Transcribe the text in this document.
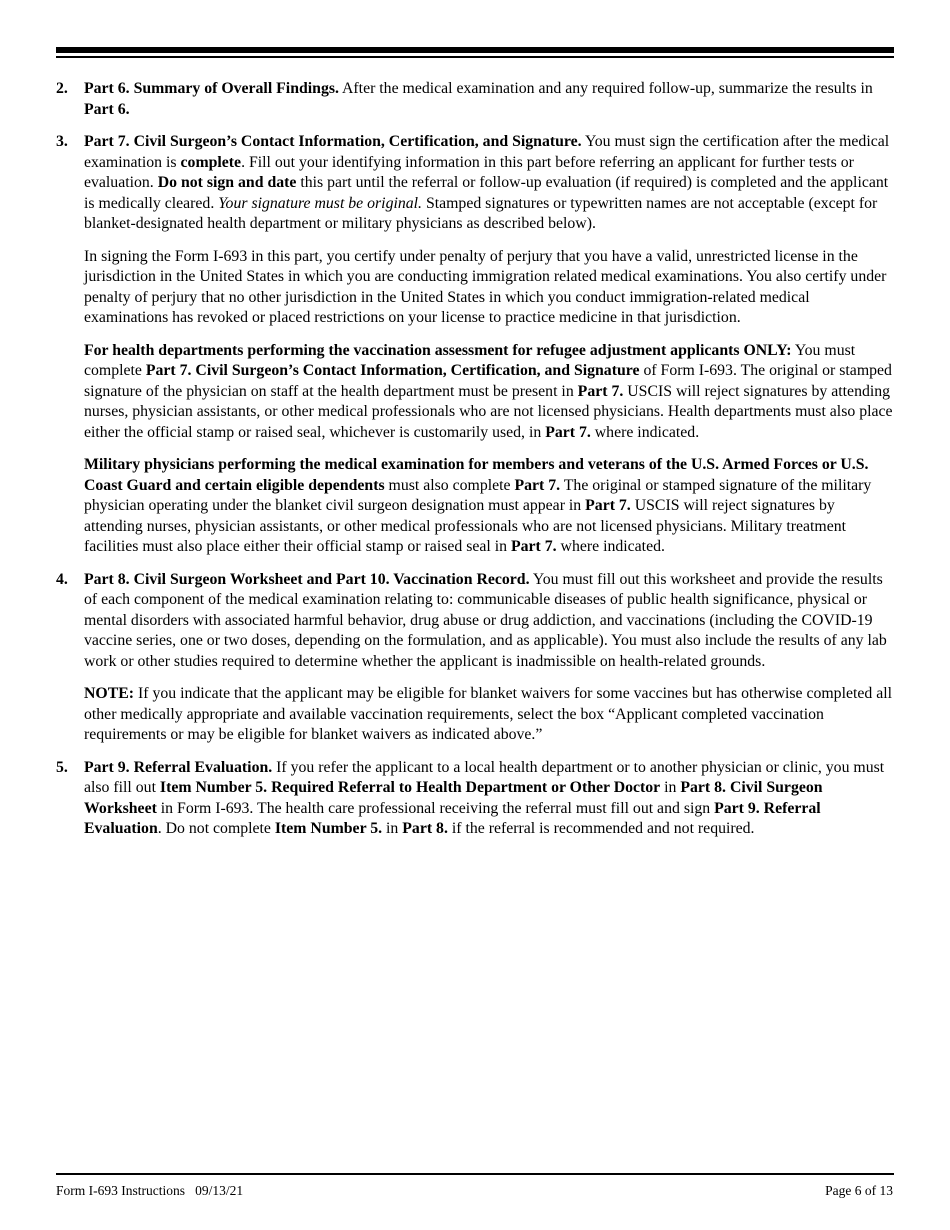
2.	Part 6. Summary of Overall Findings. After the medical examination and any required follow-up, summarize the results in Part 6.

3.	Part 7. Civil Surgeon’s Contact Information, Certification, and Signature. You must sign the certification after the medical examination is complete. Fill out your identifying information in this part before referring an applicant for further tests or evaluation. Do not sign and date this part until the referral or follow-up evaluation (if required) is completed and the applicant is medically cleared. Your signature must be original. Stamped signatures or typewritten names are not acceptable (except for blanket-designated health department or military physicians as described below).

In signing the Form I-693 in this part, you certify under penalty of perjury that you have a valid, unrestricted license in the jurisdiction in the United States in which you are conducting immigration related medical examinations. You also certify under penalty of perjury that no other jurisdiction in the United States in which you conduct immigration-related medical examinations has revoked or placed restrictions on your license to practice medicine in that jurisdiction.

For health departments performing the vaccination assessment for refugee adjustment applicants ONLY: You must complete Part 7. Civil Surgeon’s Contact Information, Certification, and Signature of Form I-693. The original or stamped signature of the physician on staff at the health department must be present in Part 7. USCIS will reject signatures by attending nurses, physician assistants, or other medical professionals who are not licensed physicians. Health departments must also place either the official stamp or raised seal, whichever is customarily used, in Part 7. where indicated.

Military physicians performing the medical examination for members and veterans of the U.S. Armed Forces or U.S. Coast Guard and certain eligible dependents must also complete Part 7. The original or stamped signature of the military physician operating under the blanket civil surgeon designation must appear in Part 7. USCIS will reject signatures by attending nurses, physician assistants, or other medical professionals who are not licensed physicians. Military treatment facilities must also place either their official stamp or raised seal in Part 7. where indicated.

4.	Part 8. Civil Surgeon Worksheet and Part 10. Vaccination Record. You must fill out this worksheet and provide the results of each component of the medical examination relating to: communicable diseases of public health significance, physical or mental disorders with associated harmful behavior, drug abuse or drug addiction, and vaccinations (including the COVID-19 vaccine series, one or two doses, depending on the formulation, and as applicable). You must also include the results of any lab work or other studies required to determine whether the applicant is inadmissible on health-related grounds.

NOTE: If you indicate that the applicant may be eligible for blanket waivers for some vaccines but has otherwise completed all other medically appropriate and available vaccination requirements, select the box “Applicant completed vaccination requirements or may be eligible for blanket waivers as indicated above.”

5.	Part 9. Referral Evaluation. If you refer the applicant to a local health department or to another physician or clinic, you must also fill out Item Number 5. Required Referral to Health Department or Other Doctor in Part 8. Civil Surgeon Worksheet in Form I-693. The health care professional receiving the referral must fill out and sign Part 9. Referral Evaluation. Do not complete Item Number 5. in Part 8. if the referral is recommended and not required.

Form I-693 Instructions   09/13/21	Page 6 of 13
